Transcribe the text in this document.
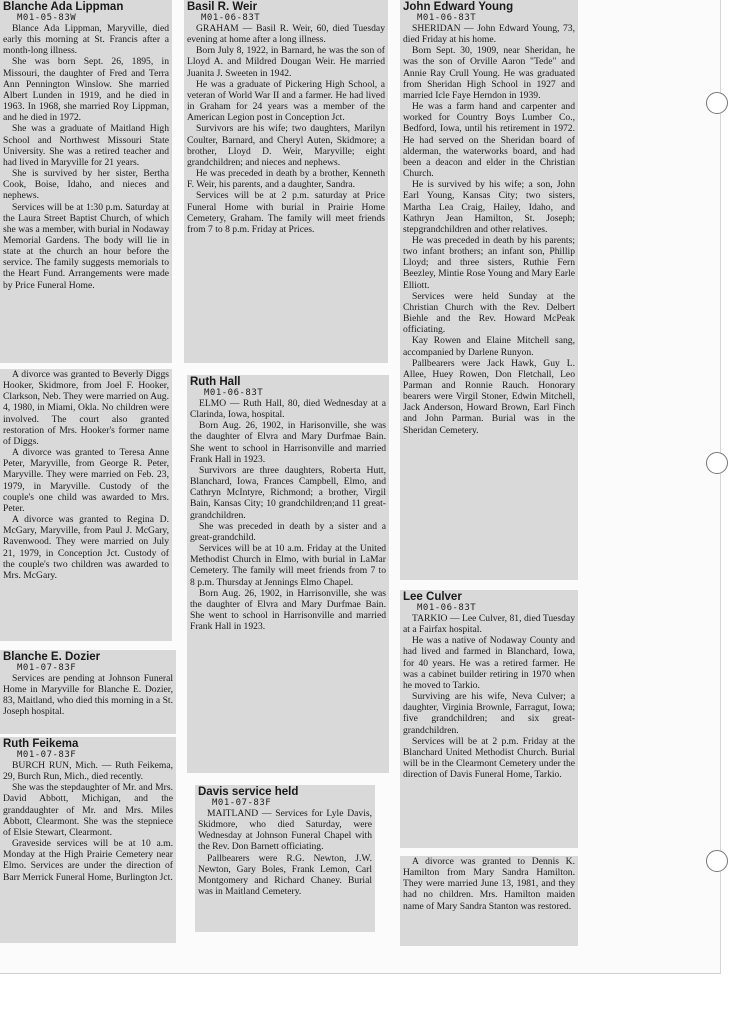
Blanche Ada Lippman
M01-05-83W

Blance Ada Lippman, Maryville, died early this morning at St. Francis after a month-long illness.

She was born Sept. 26, 1895, in Missouri, the daughter of Fred and Terra Ann Pennington Winslow. She married Albert Lunden in 1919, and he died in 1963. In 1968, she married Roy Lippman, and he died in 1972.

She was a graduate of Maitland High School and Northwest Missouri State University. She was a retired teacher and had lived in Maryville for 21 years.

She is survived by her sister, Bertha Cook, Boise, Idaho, and nieces and nephews.

Services will be at 1:30 p.m. Saturday at the Laura Street Baptist Church, of which she was a member, with burial in Nodaway Memorial Gardens. The body will lie in state at the church an hour before the service. The family suggests memorials to the Heart Fund. Arrangements were made by Price Funeral Home.

A divorce was granted to Beverly Diggs Hooker, Skidmore, from Joel F. Hooker, Clarkson, Neb. They were married on Aug. 4, 1980, in Miami, Okla. No children were involved. The court also granted restoration of Mrs. Hooker's former name of Diggs.

A divorce was granted to Teresa Anne Peter, Maryville, from George R. Peter, Maryville. They were married on Feb. 23, 1979, in Maryville. Custody of the couple's one child was awarded to Mrs. Peter.

A divorce was granted to Regina D. McGary, Maryville, from Paul J. McGary, Ravenwood. They were married on July 21, 1979, in Conception Jct. Custody of the couple's two children was awarded to Mrs. McGary.

Blanche E. Dozier
M01-07-83F

Services are pending at Johnson Funeral Home in Maryville for Blanche E. Dozier, 83, Maitland, who died this morning in a St. Joseph hospital.

Ruth Feikema
M01-07-83F

BURCH RUN, Mich. — Ruth Feikema, 29, Burch Run, Mich., died recently.

She was the stepdaughter of Mr. and Mrs. David Abbott, Michigan, and the granddaughter of Mr. and Mrs. Miles Abbott, Clearmont. She was the stepniece of Elsie Stewart, Clearmont.

Graveside services will be at 10 a.m. Monday at the High Prairie Cemetery near Elmo. Services are under the direction of Barr Merrick Funeral Home, Burlington Jct.

Basil R. Weir
M01-06-83T

GRAHAM — Basil R. Weir, 60, died Tuesday evening at home after a long illness.

Born July 8, 1922, in Barnard, he was the son of Lloyd A. and Mildred Dougan Weir. He married Juanita J. Sweeten in 1942.

He was a graduate of Pickering High School, a veteran of World War II and a farmer. He had lived in Graham for 24 years was a member of the American Legion post in Conception Jct.

Survivors are his wife; two daughters, Marilyn Coulter, Barnard, and Cheryl Auten, Skidmore; a brother, Lloyd D. Weir, Maryville; eight grandchildren; and nieces and nephews.

He was preceded in death by a brother, Kenneth F. Weir, his parents, and a daughter, Sandra.

Services will be at 2 p.m. saturday at Price Funeral Home with burial in Prairie Home Cemetery, Graham. The family will meet friends from 7 to 8 p.m. Friday at Prices.

Ruth Hall
M01-06-83T

ELMO — Ruth Hall, 80, died Wednesday at a Clarinda, Iowa, hospital.

Born Aug. 26, 1902, in Harisonville, she was the daughter of Elvra and Mary Durfmae Bain. She went to school in Harrisonville and married Frank Hall in 1923.

Survivors are three daughters, Roberta Hutt, Blanchard, Iowa, Frances Campbell, Elmo, and Cathryn McIntyre, Richmond; a brother, Virgil Bain, Kansas City; 10 grandchildren;and 11 great-grandchildren.

She was preceded in death by a sister and a great-grandchild.

Services will be at 10 a.m. Friday at the United Methodist Church in Elmo, with burial in LaMar Cemetery. The family will meet friends from 7 to 8 p.m. Thursday at Jennings Elmo Chapel.

Born Aug. 26, 1902, in Harrisonville, she was the daughter of Elvra and Mary Durfmae Bain. She went to school in Harrisonville and married Frank Hall in 1923.

Davis service held
M01-07-83F

MAITLAND — Services for Lyle Davis, Skidmore, who died Saturday, were Wednesday at Johnson Funeral Chapel with the Rev. Don Barnett officiating.

Pallbearers were R.G. Newton, J.W. Newton, Gary Boles, Frank Lemon, Carl Montgomery and Richard Chaney. Burial was in Maitland Cemetery.

John Edward Young
M01-06-83T

SHERIDAN — John Edward Young, 73, died Friday at his home.

Born Sept. 30, 1909, near Sheridan, he was the son of Orville Aaron "Tede" and Annie Ray Crull Young. He was graduated from Sheridan High School in 1927 and married Icle Faye Herndon in 1939.

He was a farm hand and carpenter and worked for Country Boys Lumber Co., Bedford, Iowa, until his retirement in 1972. He had served on the Sheridan board of alderman, the waterworks board, and had been a deacon and elder in the Christian Church.

He is survived by his wife; a son, John Earl Young, Kansas City; two sisters, Martha Lea Craig, Hailey, Idaho, and Kathryn Jean Hamilton, St. Joseph; stepgrandchildren and other relatives.

He was preceded in death by his parents; two infant brothers; an infant son, Phillip Lloyd; and three sisters, Ruthie Fern Beezley, Mintie Rose Young and Mary Earle Elliott.

Services were held Sunday at the Christian Church with the Rev. Delbert Biehle and the Rev. Howard McPeak officiating.

Kay Rowen and Elaine Mitchell sang, accompanied by Darlene Runyon.

Pallbearers were Jack Hawk, Guy L. Allee, Huey Rowen, Don Fletchall, Leo Parman and Ronnie Rauch. Honorary bearers were Virgil Stoner, Edwin Mitchell, Jack Anderson, Howard Brown, Earl Finch and John Parman. Burial was in the Sheridan Cemetery.

Lee Culver
M01-06-83T

TARKIO — Lee Culver, 81, died Tuesday at a Fairfax hospital.

He was a native of Nodaway County and had lived and farmed in Blanchard, Iowa, for 40 years. He was a retired farmer. He was a cabinet builder retiring in 1970 when he moved to Tarkio.

Surviving are his wife, Neva Culver; a daughter, Virginia Brownle, Farragut, Iowa; five grandchildren; and six great-grandchildren.

Services will be at 2 p.m. Friday at the Blanchard United Methodist Church. Burial will be in the Clearmont Cemetery under the direction of Davis Funeral Home, Tarkio.

A divorce was granted to Dennis K. Hamilton from Mary Sandra Hamilton. They were married June 13, 1981, and they had no children. Mrs. Hamilton maiden name of Mary Sandra Stanton was restored.
